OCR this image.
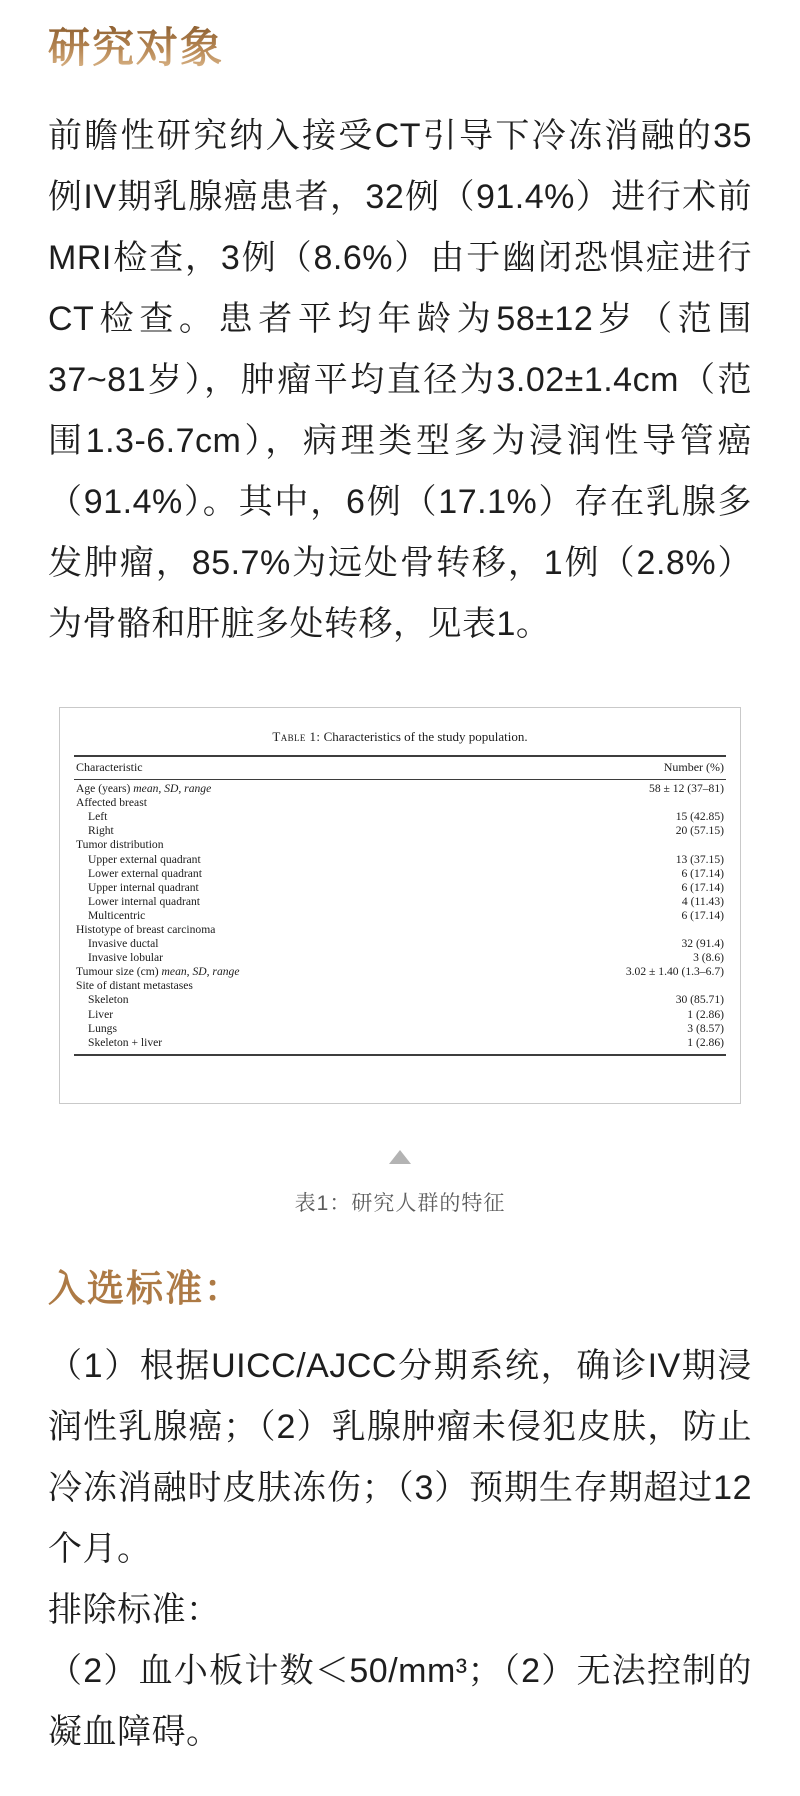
研究对象

前瞻性研究纳入接受CT引导下冷冻消融的35例IV期乳腺癌患者，32例（91.4%）进行术前MRI检查，3例（8.6%）由于幽闭恐惧症进行CT检查。患者平均年龄为58±12岁（范围37~81岁），肿瘤平均直径为3.02±1.4cm（范围1.3-6.7cm），病理类型多为浸润性导管癌（91.4%）。其中，6例（17.1%）存在乳腺多发肿瘤，85.7%为远处骨转移，1例（2.8%）为骨骼和肝脏多处转移，见表1。

Table 1: Characteristics of the study population.
Characteristic	Number (%)
Age (years) mean, SD, range	58 ± 12 (37–81)
Affected breast
Left	15 (42.85)
Right	20 (57.15)
Tumor distribution
Upper external quadrant	13 (37.15)
Lower external quadrant	6 (17.14)
Upper internal quadrant	6 (17.14)
Lower internal quadrant	4 (11.43)
Multicentric	6 (17.14)
Histotype of breast carcinoma
Invasive ductal	32 (91.4)
Invasive lobular	3 (8.6)
Tumour size (cm) mean, SD, range	3.02 ± 1.40 (1.3–6.7)
Site of distant metastases
Skeleton	30 (85.71)
Liver	1 (2.86)
Lungs	3 (8.57)
Skeleton + liver	1 (2.86)
表1：研究人群的特征
入选标准：

（1）根据UICC/AJCC分期系统，确诊IV期浸润性乳腺癌；（2）乳腺肿瘤未侵犯皮肤，防止冷冻消融时皮肤冻伤；（3）预期生存期超过12个月。

排除标准：

（2）血小板计数＜50/mm³；（2）无法控制的凝血障碍。
